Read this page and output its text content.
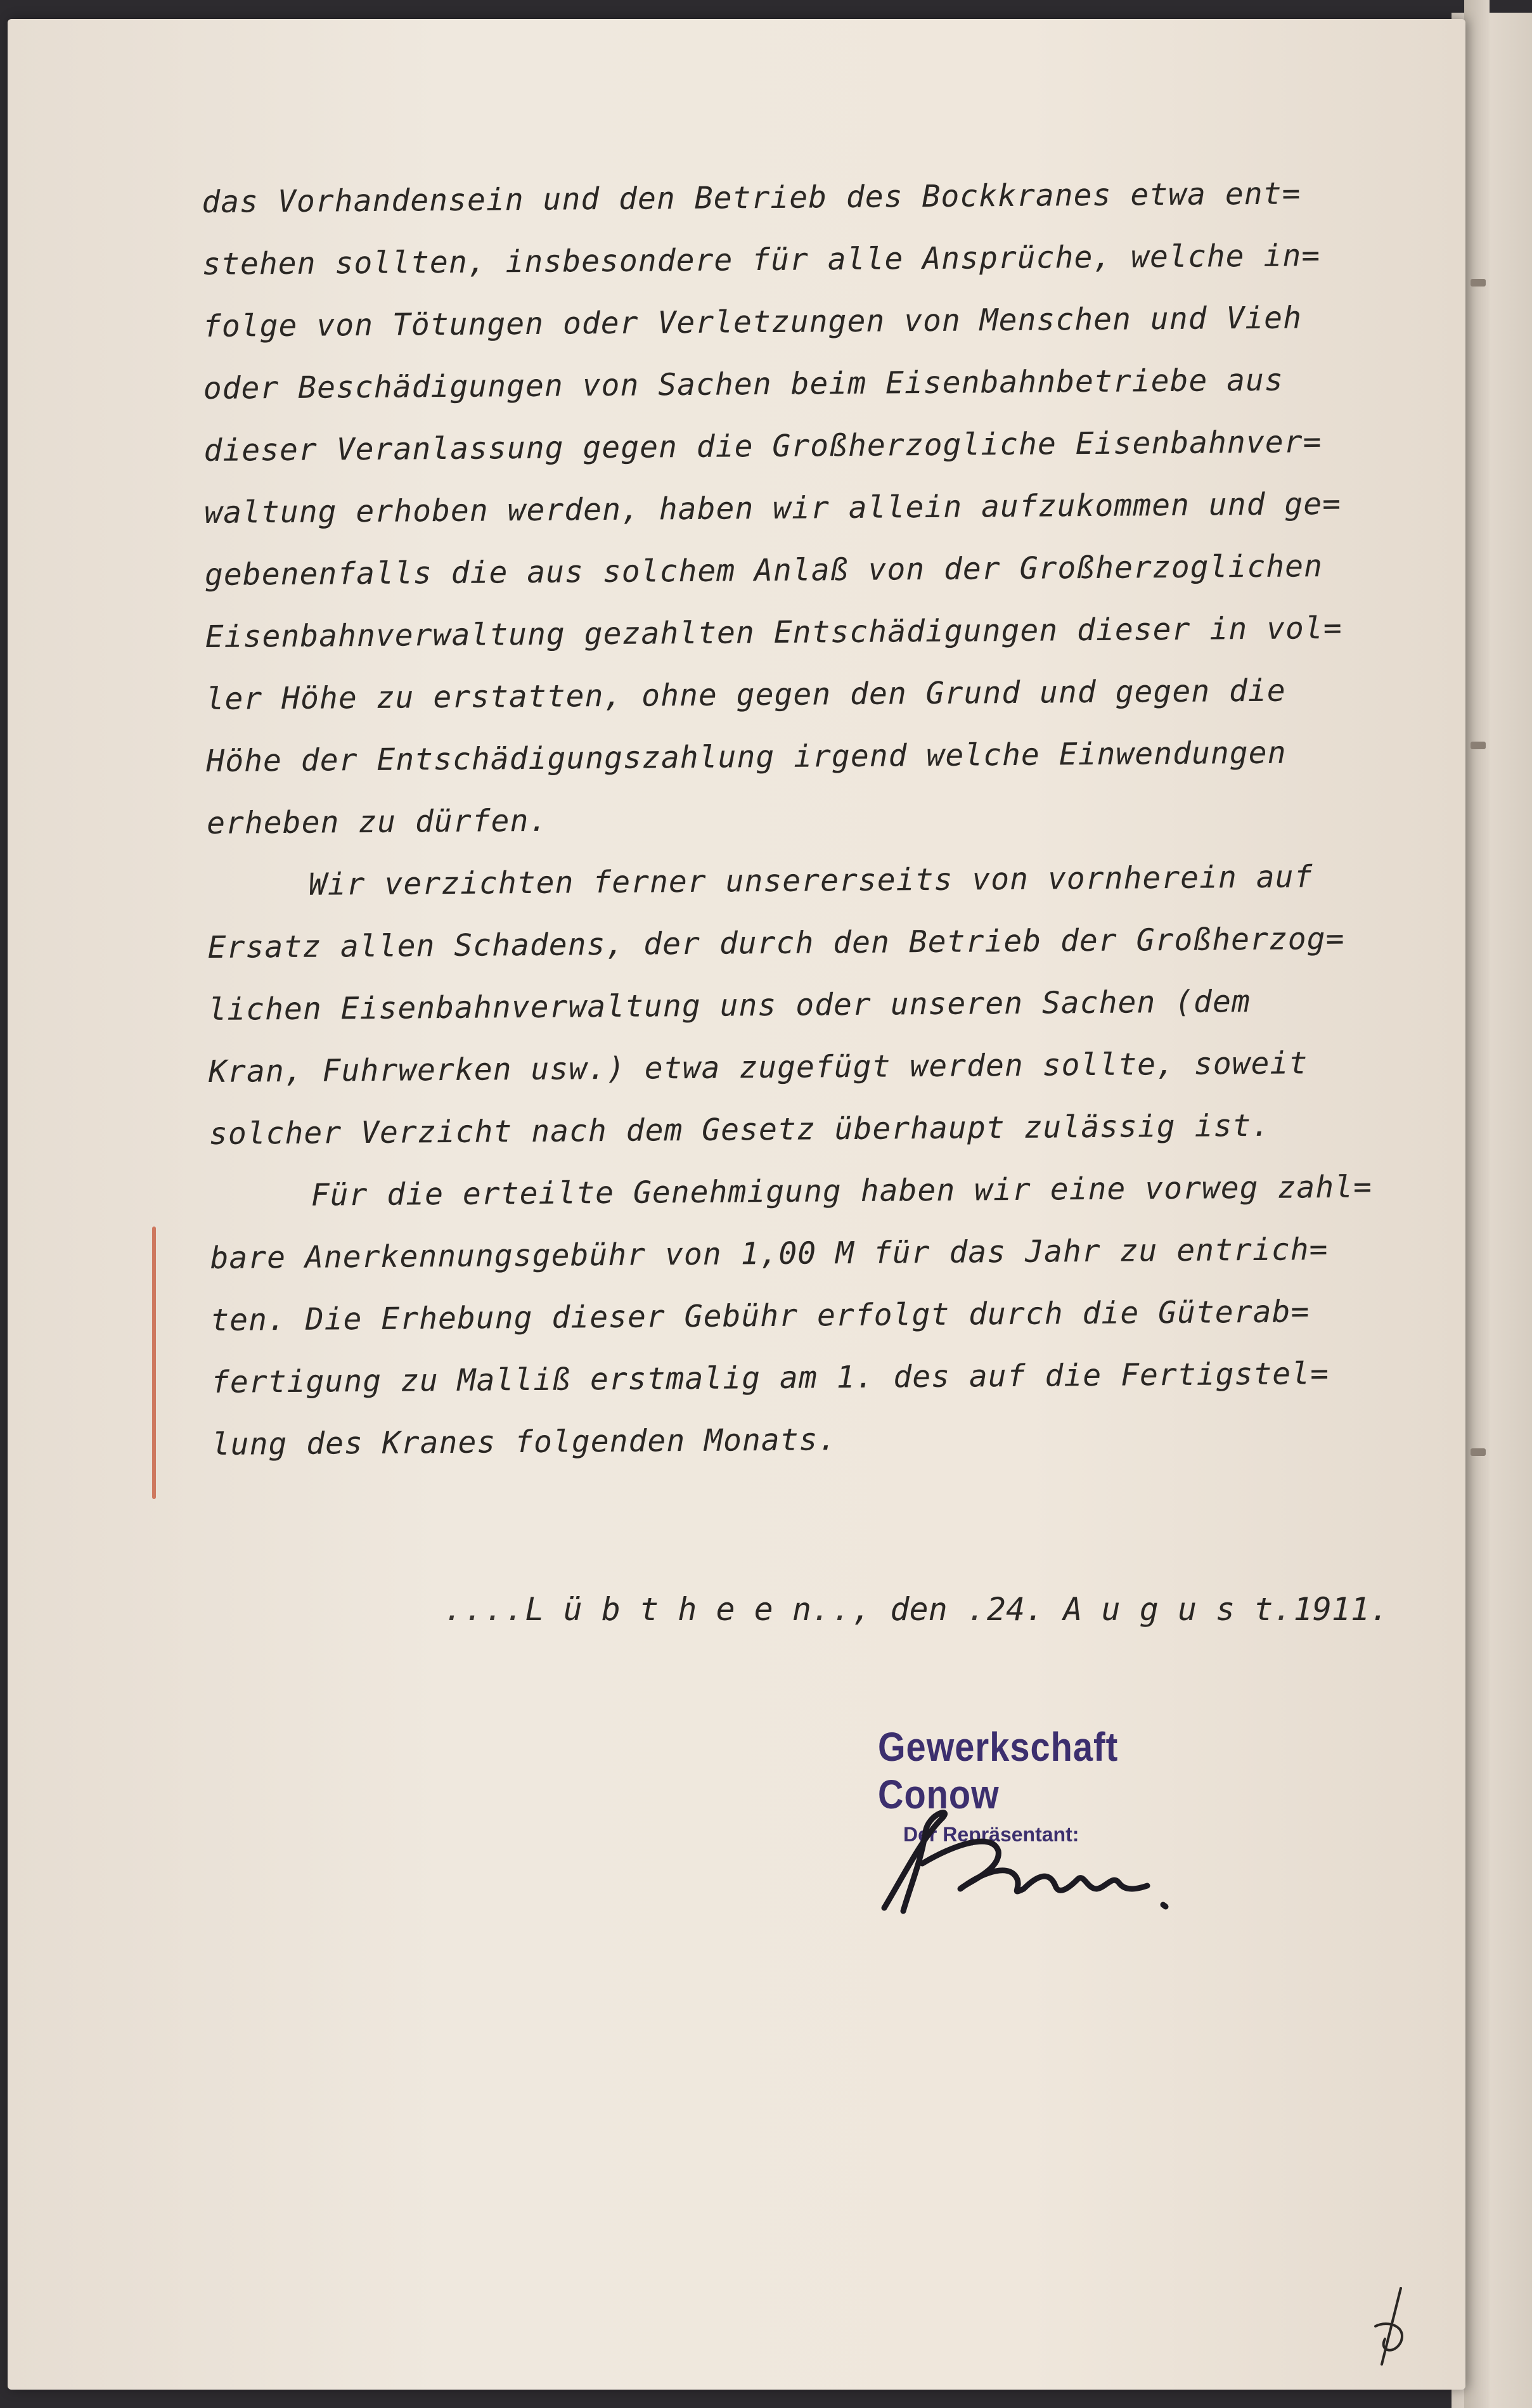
das Vorhandensein und den Betrieb des Bockkranes etwa ent=
stehen sollten, insbesondere für alle Ansprüche, welche in=
folge von Tötungen oder Verletzungen von Menschen und Vieh
oder Beschädigungen von Sachen beim Eisenbahnbetriebe aus
dieser Veranlassung gegen die Großherzogliche Eisenbahnver=
waltung erhoben werden, haben wir allein aufzukommen und ge=
gebenenfalls die aus solchem Anlaß von der Großherzoglichen
Eisenbahnverwaltung gezahlten Entschädigungen dieser in vol=
ler Höhe zu erstatten, ohne gegen den Grund und gegen die
Höhe der Entschädigungszahlung irgend welche Einwendungen
erheben zu dürfen.
Wir verzichten ferner unsererseits von vornherein auf
Ersatz allen Schadens, der durch den Betrieb der Großherzog=
lichen Eisenbahnverwaltung uns oder unseren Sachen (dem
Kran, Fuhrwerken usw.) etwa zugefügt werden sollte, soweit
solcher Verzicht nach dem Gesetz überhaupt zulässig ist.
Für die erteilte Genehmigung haben wir eine vorweg zahl=
bare Anerkennungsgebühr von 1,00 M für das Jahr zu entrich=
ten. Die Erhebung dieser Gebühr erfolgt durch die Güterab=
fertigung zu Malliß erstmalig am 1. des auf die Fertigstel=
lung des Kranes folgenden Monats.
....L ü b t h e e n.., den .24. A u g u s t.1911.
Gewerkschaft Conow
Der Repräsentant:
